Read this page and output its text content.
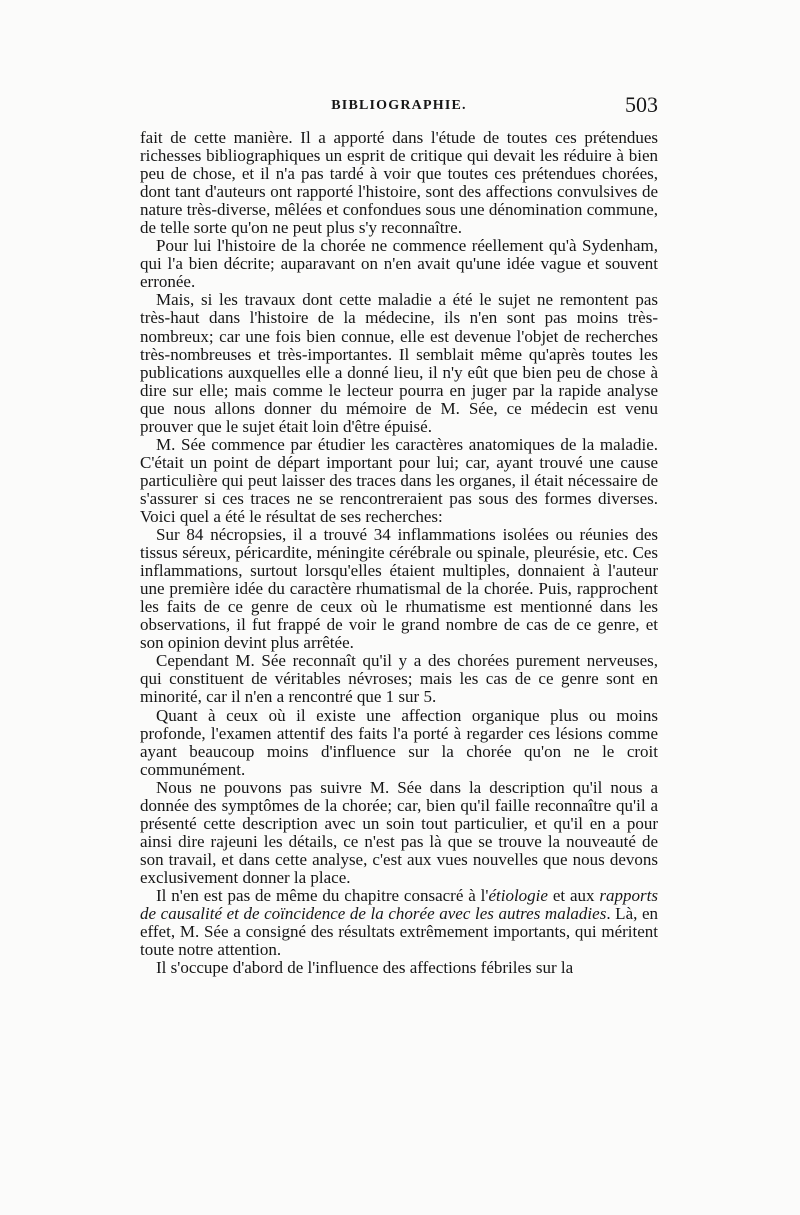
BIBLIOGRAPHIE.	503

fait de cette manière. Il a apporté dans l'étude de toutes ces prétendues richesses bibliographiques un esprit de critique qui devait les réduire à bien peu de chose, et il n'a pas tardé à voir que toutes ces prétendues chorées, dont tant d'auteurs ont rapporté l'histoire, sont des affections convulsives de nature très-diverse, mêlées et confondues sous une dénomination commune, de telle sorte qu'on ne peut plus s'y reconnaître.

Pour lui l'histoire de la chorée ne commence réellement qu'à Sydenham, qui l'a bien décrite; auparavant on n'en avait qu'une idée vague et souvent erronée.

Mais, si les travaux dont cette maladie a été le sujet ne remontent pas très-haut dans l'histoire de la médecine, ils n'en sont pas moins très-nombreux; car une fois bien connue, elle est devenue l'objet de recherches très-nombreuses et très-importantes. Il semblait même qu'après toutes les publications auxquelles elle a donné lieu, il n'y eût que bien peu de chose à dire sur elle; mais comme le lecteur pourra en juger par la rapide analyse que nous allons donner du mémoire de M. Sée, ce médecin est venu prouver que le sujet était loin d'être épuisé.

M. Sée commence par étudier les caractères anatomiques de la maladie. C'était un point de départ important pour lui; car, ayant trouvé une cause particulière qui peut laisser des traces dans les organes, il était nécessaire de s'assurer si ces traces ne se rencontreraient pas sous des formes diverses. Voici quel a été le résultat de ses recherches:

Sur 84 nécropsies, il a trouvé 34 inflammations isolées ou réunies des tissus séreux, péricardite, méningite cérébrale ou spinale, pleurésie, etc. Ces inflammations, surtout lorsqu'elles étaient multiples, donnaient à l'auteur une première idée du caractère rhumatismal de la chorée. Puis, rapprochent les faits de ce genre de ceux où le rhumatisme est mentionné dans les observations, il fut frappé de voir le grand nombre de cas de ce genre, et son opinion devint plus arrêtée.

Cependant M. Sée reconnaît qu'il y a des chorées purement nerveuses, qui constituent de véritables névroses; mais les cas de ce genre sont en minorité, car il n'en a rencontré que 1 sur 5.

Quant à ceux où il existe une affection organique plus ou moins profonde, l'examen attentif des faits l'a porté à regarder ces lésions comme ayant beaucoup moins d'influence sur la chorée qu'on ne le croit communément.

Nous ne pouvons pas suivre M. Sée dans la description qu'il nous a donnée des symptômes de la chorée; car, bien qu'il faille reconnaître qu'il a présenté cette description avec un soin tout particulier, et qu'il en a pour ainsi dire rajeuni les détails, ce n'est pas là que se trouve la nouveauté de son travail, et dans cette analyse, c'est aux vues nouvelles que nous devons exclusivement donner la place.

Il n'en est pas de même du chapitre consacré à l'étiologie et aux rapports de causalité et de coïncidence de la chorée avec les autres maladies. Là, en effet, M. Sée a consigné des résultats extrêmement importants, qui méritent toute notre attention.

Il s'occupe d'abord de l'influence des affections fébriles sur la
